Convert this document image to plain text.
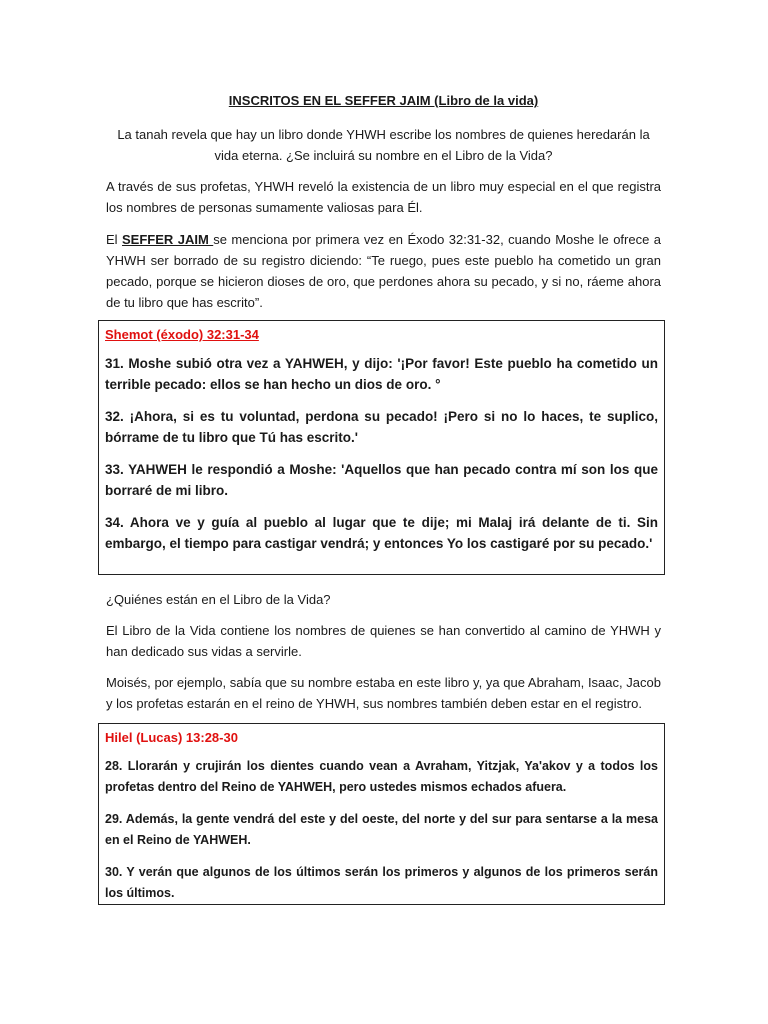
INSCRITOS EN EL SEFFER JAIM (Libro de la vida)
La tanah revela que hay un libro donde YHWH escribe los nombres de quienes heredarán la vida eterna. ¿Se incluirá su nombre en el Libro de la Vida?
A través de sus profetas, YHWH reveló la existencia de un libro muy especial en el que registra los nombres de personas sumamente valiosas para Él.
El SEFFER JAIM se menciona por primera vez en Éxodo 32:31-32, cuando Moshe le ofrece a YHWH ser borrado de su registro diciendo: “Te ruego, pues este pueblo ha cometido un gran pecado, porque se hicieron dioses de oro, que perdones ahora su pecado, y si no, ráeme ahora de tu libro que has escrito”.
Shemot (éxodo) 32:31-34
31. Moshe subió otra vez a YAHWEH, y dijo: '¡Por favor! Este pueblo ha cometido un terrible pecado: ellos se han hecho un dios de oro. °
32. ¡Ahora, si es tu voluntad, perdona su pecado! ¡Pero si no lo haces, te suplico, bórrame de tu libro que Tú has escrito.'
33. YAHWEH le respondió a Moshe: 'Aquellos que han pecado contra mí son los que borraré de mi libro.
34. Ahora ve y guía al pueblo al lugar que te dije; mi Malaj irá delante de ti. Sin embargo, el tiempo para castigar vendrá; y entonces Yo los castigaré por su pecado.'
¿Quiénes están en el Libro de la Vida?
El Libro de la Vida contiene los nombres de quienes se han convertido al camino de YHWH y han dedicado sus vidas a servirle.
Moisés, por ejemplo, sabía que su nombre estaba en este libro y, ya que Abraham, Isaac, Jacob y los profetas estarán en el reino de YHWH, sus nombres también deben estar en el registro.
Hilel (Lucas) 13:28-30
28. Llorarán y crujirán los dientes cuando vean a Avraham, Yitzjak, Ya'akov y a todos los profetas dentro del Reino de YAHWEH, pero ustedes mismos echados afuera.
29. Además, la gente vendrá del este y del oeste, del norte y del sur para sentarse a la mesa en el Reino de YAHWEH.
30. Y verán que algunos de los últimos serán los primeros y algunos de los primeros serán los últimos.
